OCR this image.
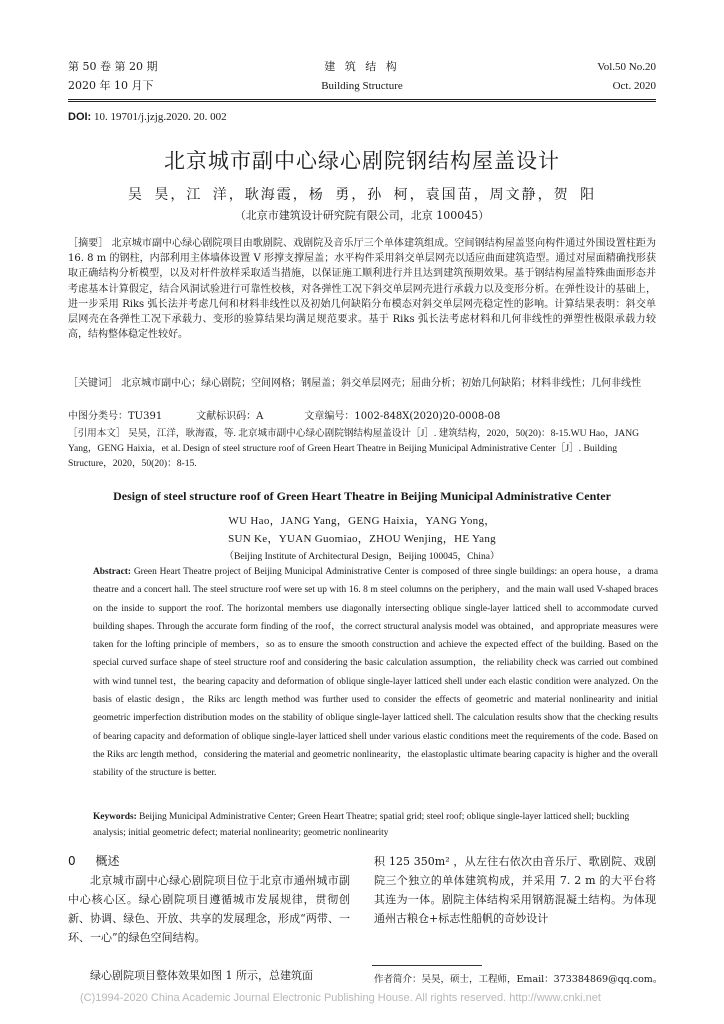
第 50 卷 第 20 期
2020 年 10 月下
建 筑 结 构
Building Structure
Vol.50 No.20
Oct. 2020
DOI: 10. 19701/j.jzjg.2020. 20. 002
北京城市副中心绿心剧院钢结构屋盖设计
吴 昊，江 洋，耿海霞，杨 勇，孙 柯，袁国苗，周文静，贺 阳
（北京市建筑设计研究院有限公司，北京 100045）
［摘要］ 北京城市副中心绿心剧院项目由歌剧院、戏剧院及音乐厅三个单体建筑组成。空间钢结构屋盖竖向构件通过外围设置柱距为 16. 8 m 的钢柱，内部利用主体墙体设置 V 形撑支撑屋盖；水平构件采用斜交单层网壳以适应曲面建筑造型。通过对屋面精确找形获取正确结构分析模型，以及对杆件放样采取适当措施，以保证施工顺利进行并且达到建筑预期效果。基于钢结构屋盖特殊曲面形态并考虑基本计算假定，结合风洞试验进行可靠性校核，对各弹性工况下斜交单层网壳进行承载力以及变形分析。在弹性设计的基础上，进一步采用 Riks 弧长法并考虑几何和材料非线性以及初始几何缺陷分布模态对斜交单层网壳稳定性的影响。计算结果表明：斜交单层网壳在各弹性工况下承载力、变形的验算结果均满足规范要求。基于 Riks 弧长法考虑材料和几何非线性的弹塑性极限承载力较高，结构整体稳定性较好。
［关键词］ 北京城市副中心；绿心剧院；空间网格；钢屋盖；斜交单层网壳；屈曲分析；初始几何缺陷；材料非线性；几何非线性
中图分类号：TU391	文献标识码：A	文章编号：1002-848X(2020)20-0008-08
［引用本文］ 吴昊，江洋，耿海霞，等. 北京城市副中心绿心剧院钢结构屋盖设计［J］. 建筑结构，2020，50(20)：8-15.WU Hao，JANG Yang，GENG Haixia，et al. Design of steel structure roof of Green Heart Theatre in Beijing Municipal Administrative Center［J］. Building Structure，2020，50(20)：8-15.
Design of steel structure roof of Green Heart Theatre in Beijing Municipal Administrative Center
WU Hao，JANG Yang，GENG Haixia，YANG Yong，
SUN Ke，YUAN Guomiao，ZHOU Wenjing，HE Yang
（Beijing Institute of Architectural Design，Beijing 100045，China）
Abstract: Green Heart Theatre project of Beijing Municipal Administrative Center is composed of three single buildings: an opera house，a drama theatre and a concert hall. The steel structure roof were set up with 16. 8 m steel columns on the periphery，and the main wall used V-shaped braces on the inside to support the roof. The horizontal members use diagonally intersecting oblique single-layer latticed shell to accommodate curved building shapes. Through the accurate form finding of the roof，the correct structural analysis model was obtained，and appropriate measures were taken for the lofting principle of members，so as to ensure the smooth construction and achieve the expected effect of the building. Based on the special curved surface shape of steel structure roof and considering the basic calculation assumption，the reliability check was carried out combined with wind tunnel test，the bearing capacity and deformation of oblique single-layer latticed shell under each elastic condition were analyzed. On the basis of elastic design，the Riks arc length method was further used to consider the effects of geometric and material nonlinearity and initial geometric imperfection distribution modes on the stability of oblique single-layer latticed shell. The calculation results show that the checking results of bearing capacity and deformation of oblique single-layer latticed shell under various elastic conditions meet the requirements of the code. Based on the Riks arc length method，considering the material and geometric nonlinearity，the elastoplastic ultimate bearing capacity is higher and the overall stability of the structure is better.
Keywords: Beijing Municipal Administrative Center; Green Heart Theatre; spatial grid; steel roof; oblique single-layer latticed shell; buckling analysis; initial geometric defect; material nonlinearity; geometric nonlinearity
0 概述
北京城市副中心绿心剧院项目位于北京市通州城市副中心核心区。绿心剧院项目遵循城市发展规律，贯彻创新、协调、绿色、开放、共享的发展理念，形成“两带、一环、一心”的绿色空间结构。
绿心剧院项目整体效果如图 1 所示，总建筑面
积 125 350m² ，从左往右依次由音乐厅、歌剧院、戏剧院三个独立的单体建筑构成，并采用 7. 2 m 的大平台将其连为一体。剧院主体结构采用钢筋混凝土结构。为体现通州古粮仓+标志性船帆的奇妙设计
作者简介：吴昊，硕士，工程师，Email：373384869@qq.com。
(C)1994-2020 China Academic Journal Electronic Publishing House. All rights reserved. http://www.cnki.net
